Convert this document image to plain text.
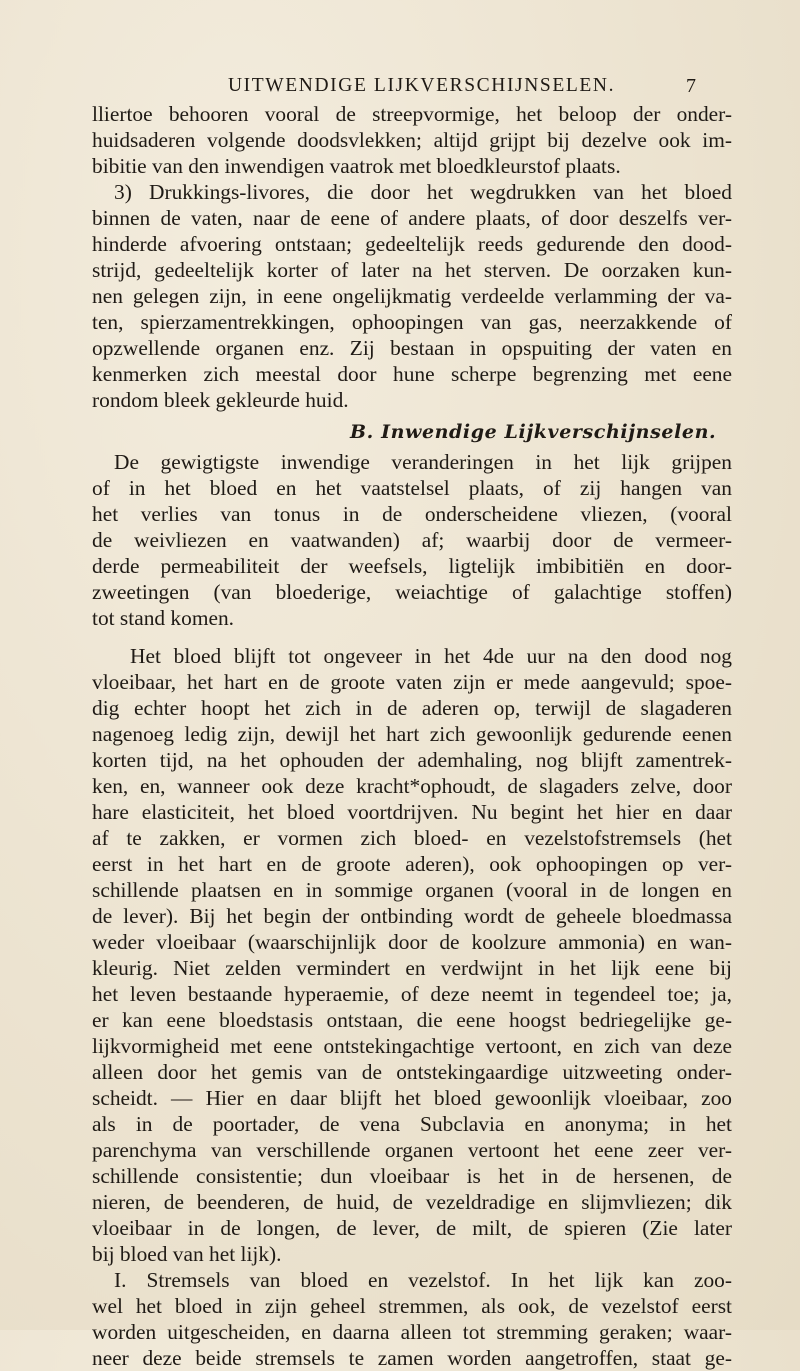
UITWENDIGE LIJKVERSCHIJNSELEN.	7
lliertoe behooren vooral de streepvormige, het beloop der onder-
huidsaderen volgende doodsvlekken; altijd grijpt bij dezelve ook im-
bibitie van den inwendigen vaatrok met bloedkleurstof plaats.
3) Drukkings-livores, die door het wegdrukken van het bloed
binnen de vaten, naar de eene of andere plaats, of door deszelfs ver-
hinderde afvoering ontstaan; gedeeltelijk reeds gedurende den dood-
strijd, gedeeltelijk korter of later na het sterven. De oorzaken kun-
nen gelegen zijn, in eene ongelijkmatig verdeelde verlamming der va-
ten, spierzamentrekkingen, ophoopingen van gas, neerzakkende of
opzwellende organen enz. Zij bestaan in opspuiting der vaten en
kenmerken zich meestal door hune scherpe begrenzing met eene
rondom bleek gekleurde huid.
B. Inwendige Lijkverschijnselen.
De gewigtigste inwendige veranderingen in het lijk grijpen
of in het bloed en het vaatstelsel plaats, of zij hangen van
het verlies van tonus in de onderscheidene vliezen, (vooral
de weivliezen en vaatwanden) af; waarbij door de vermeer-
derde permeabiliteit der weefsels, ligtelijk imbibitiën en door-
zweetingen (van bloederige, weiachtige of galachtige stoffen)
tot stand komen.
Het bloed blijft tot ongeveer in het 4de uur na den dood nog
vloeibaar, het hart en de groote vaten zijn er mede aangevuld; spoe-
dig echter hoopt het zich in de aderen op, terwijl de slagaderen
nagenoeg ledig zijn, dewijl het hart zich gewoonlijk gedurende eenen
korten tijd, na het ophouden der ademhaling, nog blijft zamentrek-
ken, en, wanneer ook deze kracht*ophoudt, de slagaders zelve, door
hare elasticiteit, het bloed voortdrijven. Nu begint het hier en daar
af te zakken, er vormen zich bloed- en vezelstofstremsels (het
eerst in het hart en de groote aderen), ook ophoopingen op ver-
schillende plaatsen en in sommige organen (vooral in de longen en
de lever). Bij het begin der ontbinding wordt de geheele bloedmassa
weder vloeibaar (waarschijnlijk door de koolzure ammonia) en wan-
kleurig. Niet zelden vermindert en verdwijnt in het lijk eene bij
het leven bestaande hyperaemie, of deze neemt in tegendeel toe; ja,
er kan eene bloedstasis ontstaan, die eene hoogst bedriegelijke ge-
lijkvormigheid met eene ontstekingachtige vertoont, en zich van deze
alleen door het gemis van de ontstekingaardige uitzweeting onder-
scheidt. — Hier en daar blijft het bloed gewoonlijk vloeibaar, zoo
als in de poortader, de vena Subclavia en anonyma; in het
parenchyma van verschillende organen vertoont het eene zeer ver-
schillende consistentie; dun vloeibaar is het in de hersenen, de
nieren, de beenderen, de huid, de vezeldradige en slijmvliezen; dik
vloeibaar in de longen, de lever, de milt, de spieren (Zie later
bij bloed van het lijk).
I. Stremsels van bloed en vezelstof. In het lijk kan zoo-
wel het bloed in zijn geheel stremmen, als ook, de vezelstof eerst
worden uitgescheiden, en daarna alleen tot stremming geraken; waar-
neer deze beide stremsels te zamen worden aangetroffen, staat ge-
